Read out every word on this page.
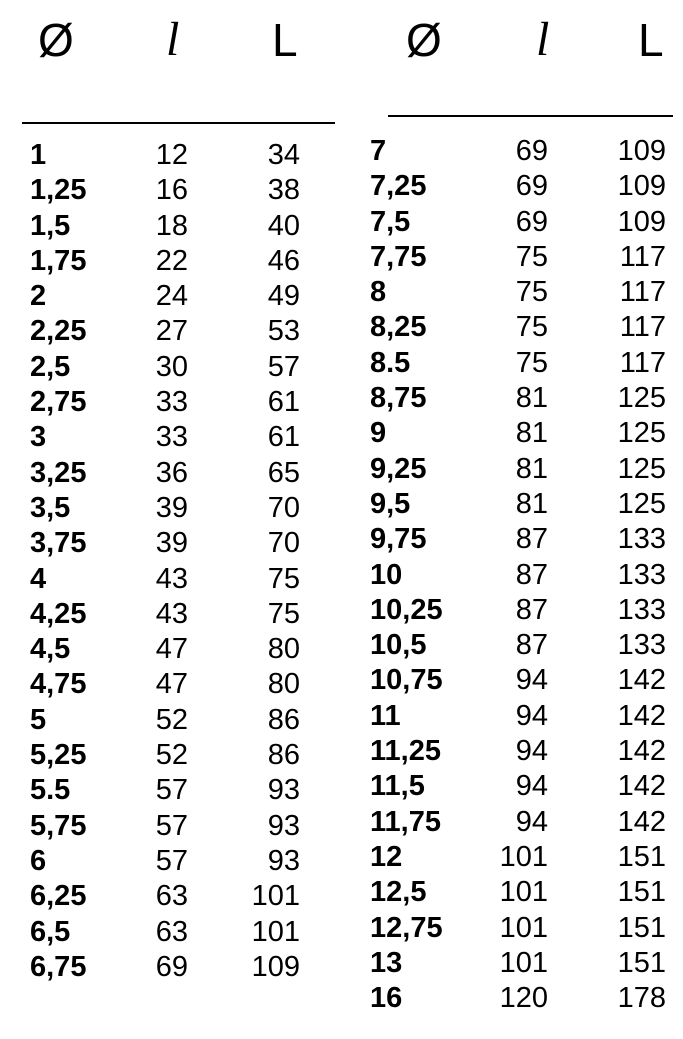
Ø l L Ø l L
1	12	34
1,25 16	38
1,5	18	40
1,75 22	46
2	24	49
2,25 27	53
2,5	30	57
2,75 33	61
3	33	61
3,25 36	65
3,5	39	70
3,75 39	70
4	43	75
4,25 43	75
4,5	47	80
4,75 47	80
5	52	86
5,25 52	86
5.5	57	93
5,75 57	93
6	57	93
6,25 63 101
6,5	63 101
6,75 69 109
7	69 109
7,25	69 109
7,5	69 109
7,75	75 117
8	75 117
8,25	75 117
8.5	75 117
8,75	81 125
9	81 125
9,25	81 125
9,5	81 125
9,75	87 133
10	87 133
10,25	87 133
10,5	87 133
10,75	94 142
11	94 142
11,25	94 142
11,5	94 142
11,75	94 142
12	101 151
12,5	101 151
12,75 101 151
13	101 151
16	120 178
